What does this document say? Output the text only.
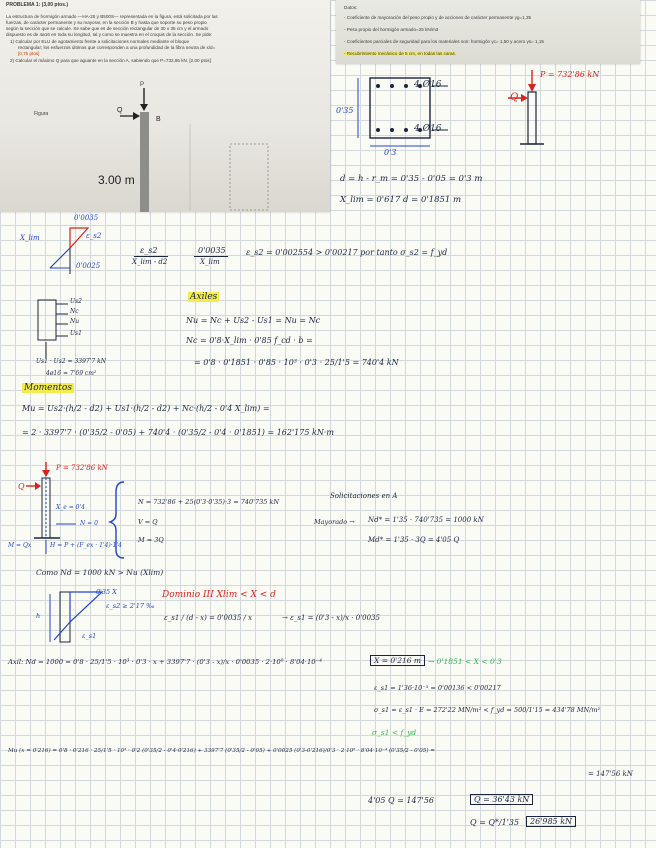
PROBLEMA 1: (3,00 ptos.)
La estructura de hormigón armado —HA-25 y B500S— representada en la figura, está solicitada por las
fuerzas, de carácter permanente y su mayorar, en la sección B y hasta que soporte su peso propio
según la sección que se calcule. Se sabe que es de sección rectangular de 30 x 35 cm y el armado
dispuesto es de 4ø16 en toda su longitud, tal y como se muestra en el croquis de la sección. Se pide:
1) Calcular por ELU de agotamiento frente a solicitaciones normales mediante el bloque
rectangular; los esfuerzos últimos que corresponden a una profundidad de la fibra neutra de x/d=
[0,75 ptos]
2) Calcular el máximo Q para que aguante en la sección A, sabiendo que P=732,86 kN. [2,00 ptos]
Figura
P
Q
B
3.00 m
Datos:
- Coeficiente de mayoración del peso propio y de acciones de carácter permanente γg=1,35
- Peso propio del hormigón armado=25 kN/m3
- Coeficientes parciales de seguridad para los materiales son: hormigón γc= 1,50 y acero γs= 1,15
- Recubrimiento mecánico de 5 cm, en todas las caras.
4 Ø16
4 Ø16
0'35
0'3
P = 732'86 kN
Q
d = h - r_m = 0'35 - 0'05 = 0'3 m
X_lim = 0'617 d = 0'1851 m
0'0035
ε_s2
X_lim
0'0025
ε_s2
X_lim - d2
0'0035
X_lim
ε_s2 = 0'002554 > 0'00217 por tanto σ_s2 = f_yd
Us2
Nc
Nu
Us1
Us1 · Us2 = 3397'7 kN
4ø16 = 7'69 cm²
Axiles
Nu = Nc + Us2 - Us1 = Nu = Nc
Nc = 0'8·X_lim · 0'85 f_cd · b =
= 0'8 · 0'1851 · 0'85 · 10³ · 0'3 · 25/1'5 = 740'4 kN
Momentos
Mu = Us2·(h/2 - d2) + Us1·(h/2 - d2) + Nc·(h/2 - 0'4 X_lim) =
= 2 · 3397'7 · (0'35/2 - 0'05) + 740'4 · (0'35/2 - 0'4 · 0'1851) = 162'175 kN·m
P = 732'86 kN
Q
X_e = 0'4
N = 0
H = P + (F_ex · 1'4)·1'4
M = Qx
N = 732'86 + 25(0'3·0'35)·3 = 740'735 kN
V = Q
M = 3Q
Solicitaciones en A
Mayorado → Nd* = 1'35 · 740'735 = 1000 kN
Md* = 1'35 · 3Q = 4'05 Q
Como Nd = 1000 kN > Nu (Xlim)
0'35 X
ε_s2 ≥ 2'17 ‰
h
ε_s1
Dominio III Xlim < X < d
ε_s1 / (d - x) = 0'0035 / x	→ ε_s1 = (0'3 - x)/x · 0'0035
Axil: Nd = 1000 = 0'8 · 25/1'5 · 10³ · 0'3 · x + 3397'7 · (0'3 - x)/x · 0'0035 · 2·10⁸ · 8'04·10⁻⁴	X = 0'216 m → 0'1851 < X < 0'3
ε_s1 = 1'36·10⁻³ = 0'00136 < 0'00217
σ_s1 = ε_s1 · E = 272'22 MN/m² < f_yd = 500/1'15 = 434'78 MN/m²
σ_s1 < f_yd
Mu (x = 0'216) = 0'8 · 0'216 · 25/1'5 · 10³ · 0'2 (0'35/2 - 0'4·0'216) + 3397'7 (0'35/2 - 0'05) + 0'0025 (0'3-0'216)/0'3 · 2·10⁸ · 8'04·10⁻⁴ (0'35/2 - 0'05) =
= 147'56 kN
4'05 Q = 147'56	Q = 36'43 kN
Q = Q*/1'35	26'985 kN
